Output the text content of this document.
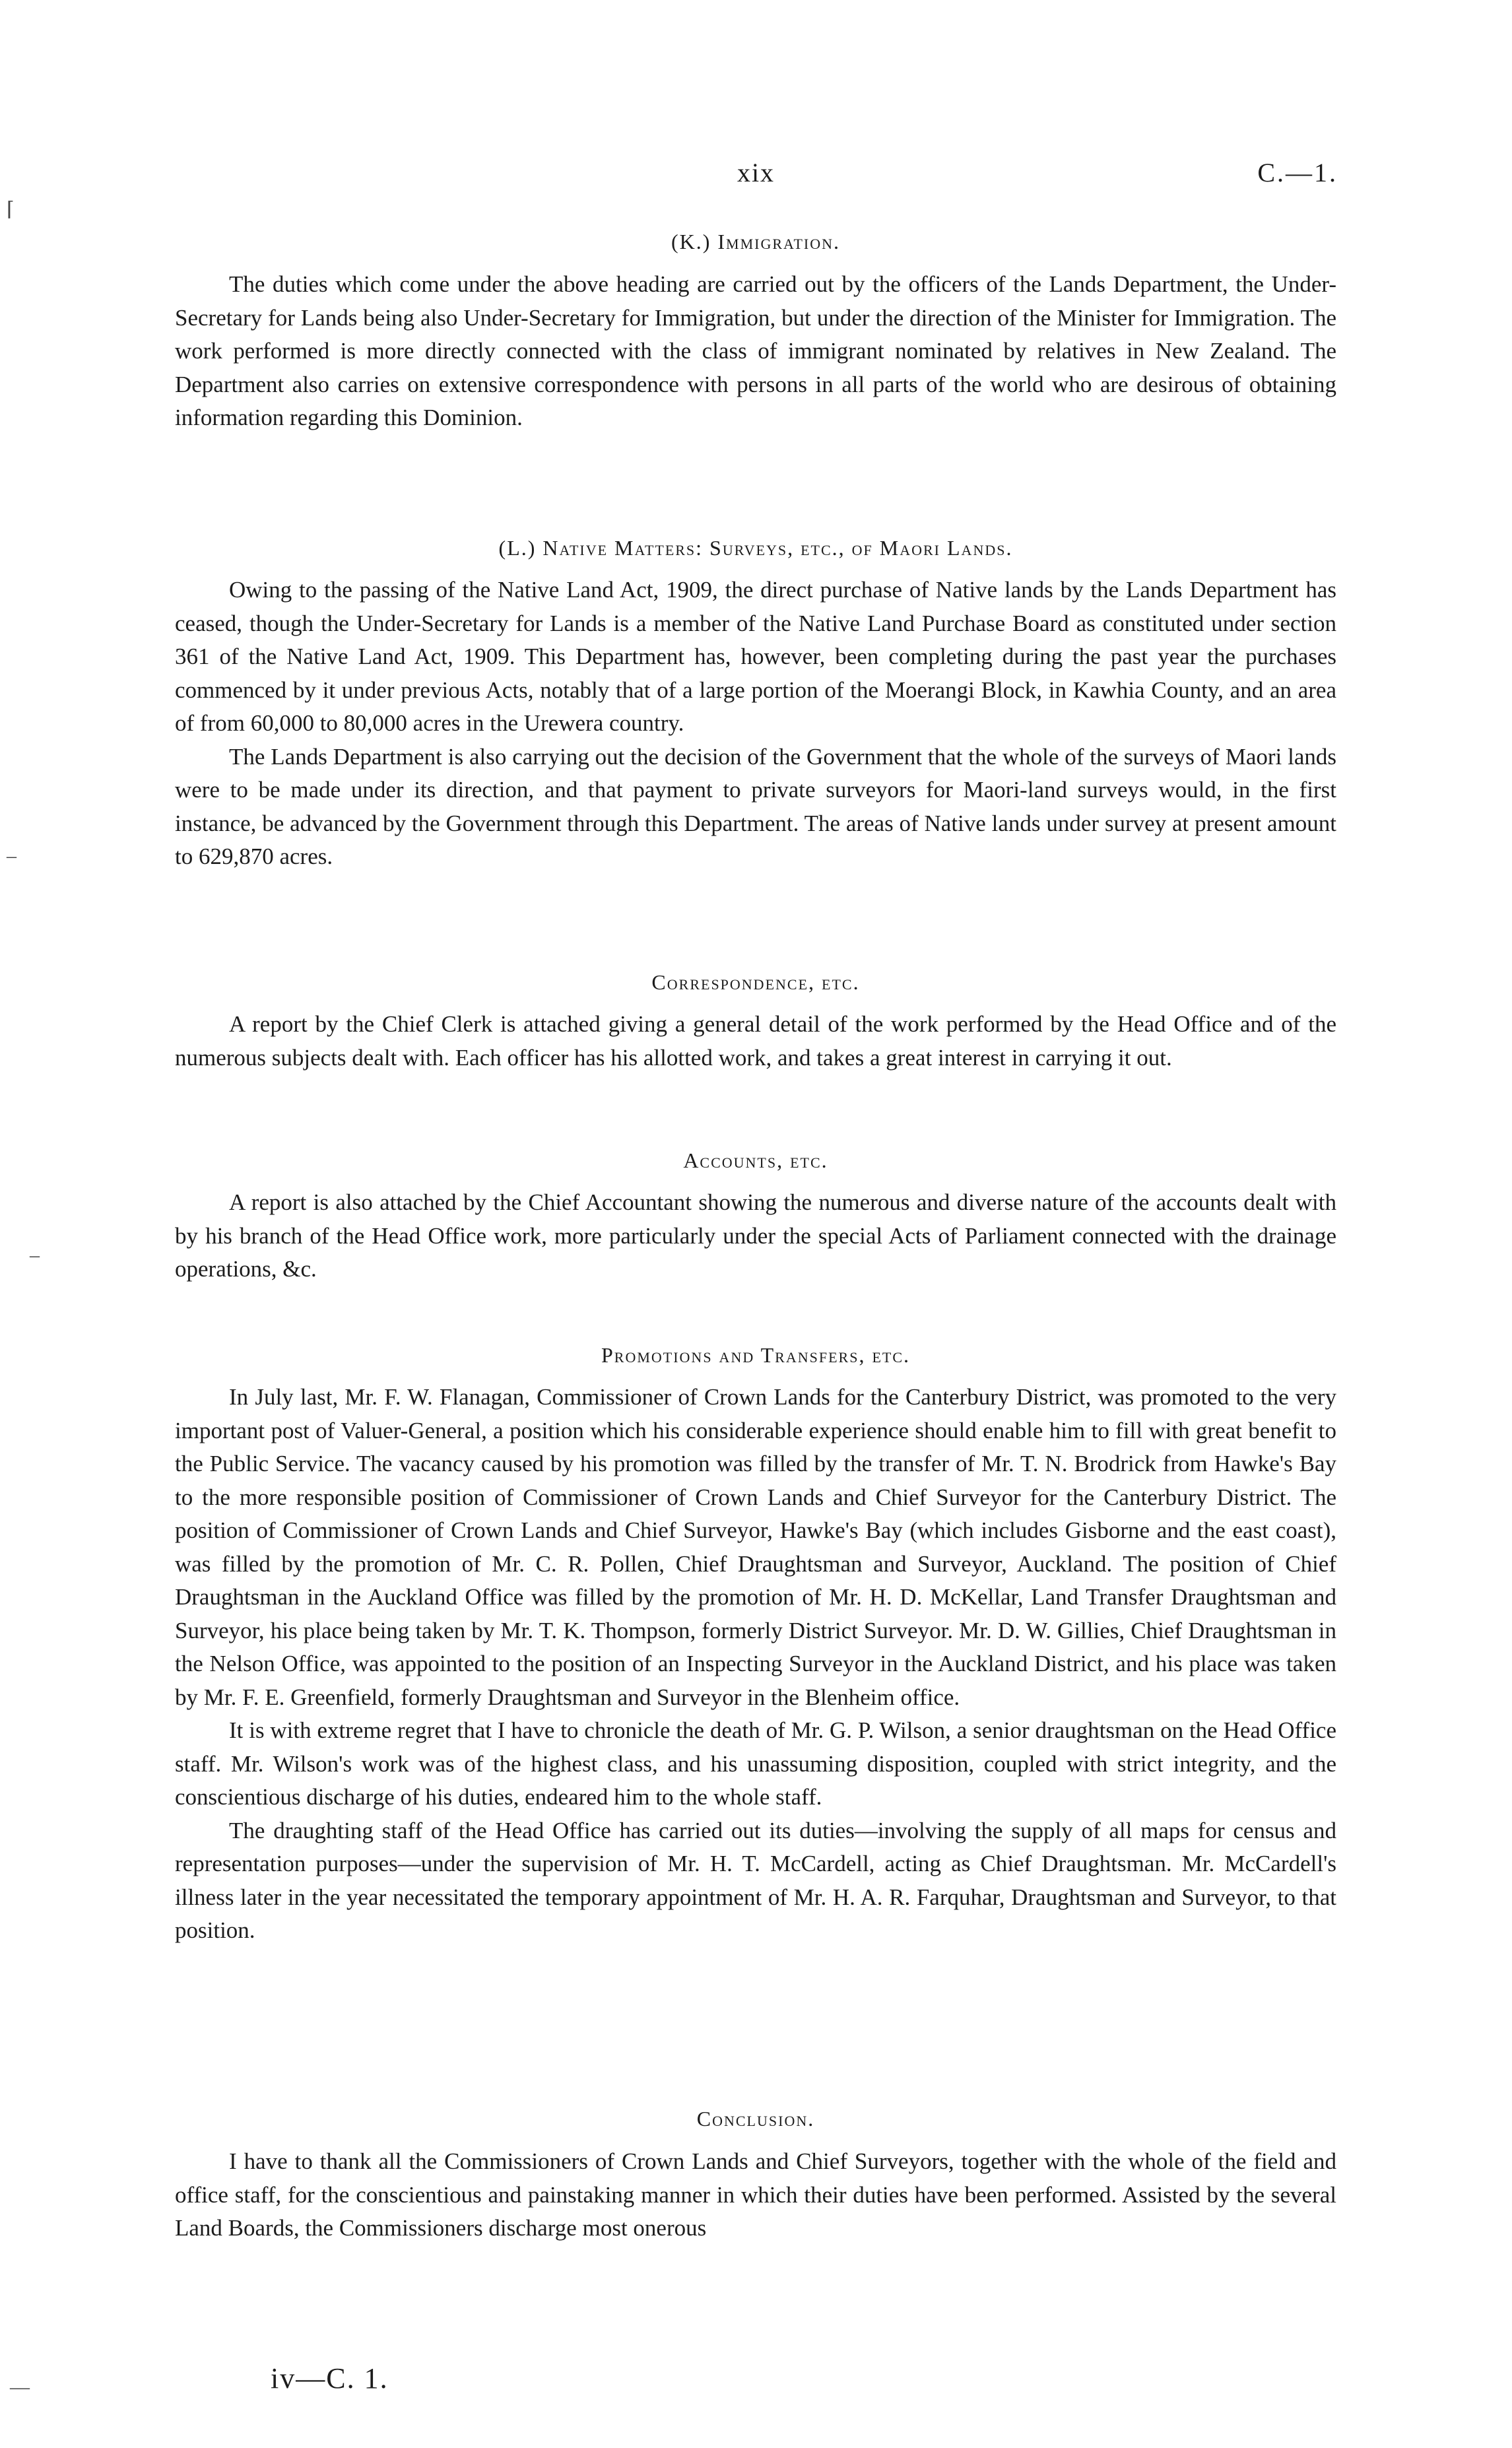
xix	C.—1.
(K.) Immigration.

The duties which come under the above heading are carried out by the officers of the Lands Department, the Under-Secretary for Lands being also Under-Secretary for Immigration, but under the direction of the Minister for Immigration. The work performed is more directly connected with the class of immigrant nominated by relatives in New Zealand. The Department also carries on extensive correspondence with persons in all parts of the world who are desirous of obtaining information regarding this Dominion.

(L.) Native Matters: Surveys, etc., of Maori Lands.

Owing to the passing of the Native Land Act, 1909, the direct purchase of Native lands by the Lands Department has ceased, though the Under-Secretary for Lands is a member of the Native Land Purchase Board as constituted under section 361 of the Native Land Act, 1909. This Department has, however, been completing during the past year the purchases commenced by it under previous Acts, notably that of a large portion of the Moerangi Block, in Kawhia County, and an area of from 60,000 to 80,000 acres in the Urewera country.

The Lands Department is also carrying out the decision of the Government that the whole of the surveys of Maori lands were to be made under its direction, and that payment to private surveyors for Maori-land surveys would, in the first instance, be advanced by the Government through this Department. The areas of Native lands under survey at present amount to 629,870 acres.

Correspondence, etc.

A report by the Chief Clerk is attached giving a general detail of the work performed by the Head Office and of the numerous subjects dealt with. Each officer has his allotted work, and takes a great interest in carrying it out.

Accounts, etc.

A report is also attached by the Chief Accountant showing the numerous and diverse nature of the accounts dealt with by his branch of the Head Office work, more particularly under the special Acts of Parliament connected with the drainage operations, &c.

Promotions and Transfers, etc.

In July last, Mr. F. W. Flanagan, Commissioner of Crown Lands for the Canterbury District, was promoted to the very important post of Valuer-General, a position which his considerable experience should enable him to fill with great benefit to the Public Service. The vacancy caused by his promotion was filled by the transfer of Mr. T. N. Brodrick from Hawke's Bay to the more responsible position of Commissioner of Crown Lands and Chief Surveyor for the Canterbury District. The position of Commissioner of Crown Lands and Chief Surveyor, Hawke's Bay (which includes Gisborne and the east coast), was filled by the promotion of Mr. C. R. Pollen, Chief Draughtsman and Surveyor, Auckland. The position of Chief Draughtsman in the Auckland Office was filled by the promotion of Mr. H. D. McKellar, Land Transfer Draughtsman and Surveyor, his place being taken by Mr. T. K. Thompson, formerly District Surveyor. Mr. D. W. Gillies, Chief Draughtsman in the Nelson Office, was appointed to the position of an Inspecting Surveyor in the Auckland District, and his place was taken by Mr. F. E. Greenfield, formerly Draughtsman and Surveyor in the Blenheim office.

It is with extreme regret that I have to chronicle the death of Mr. G. P. Wilson, a senior draughtsman on the Head Office staff. Mr. Wilson's work was of the highest class, and his unassuming disposition, coupled with strict integrity, and the conscientious discharge of his duties, endeared him to the whole staff.

The draughting staff of the Head Office has carried out its duties—involving the supply of all maps for census and representation purposes—under the supervision of Mr. H. T. McCardell, acting as Chief Draughtsman. Mr. McCardell's illness later in the year necessitated the temporary appointment of Mr. H. A. R. Farquhar, Draughtsman and Surveyor, to that position.

Conclusion.

I have to thank all the Commissioners of Crown Lands and Chief Surveyors, together with the whole of the field and office staff, for the conscientious and painstaking manner in which their duties have been performed. Assisted by the several Land Boards, the Commissioners discharge most onerous

iv—C. 1.
⌈
–
–
—
